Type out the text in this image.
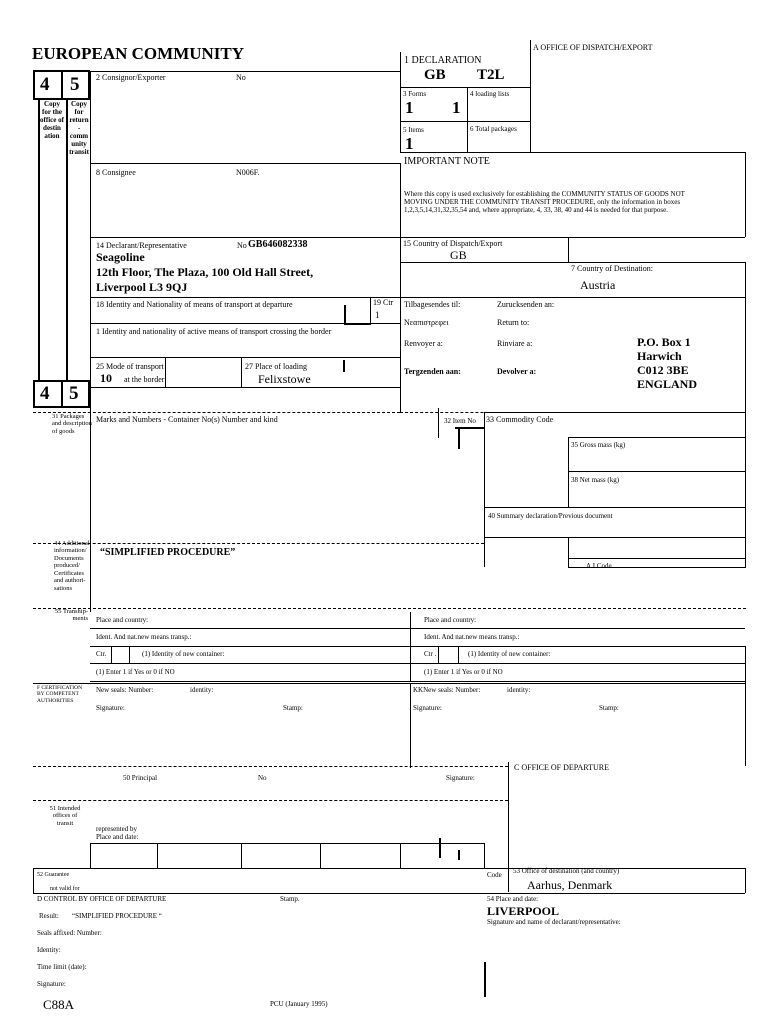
EUROPEAN COMMUNITY	A OFFICE OF DISPATCH/EXPORT
1 DECLARATION
GB T2L
4 5
Copy for the office of destin ation
Copy for return - comm unity transit
4 5
2 Consignor/Exporter	No
3 Forms
1
4 loading lists
1
5 Items
1
6 Total packages
8 Consignee	N006F.
IMPORTANT NOTE
Where this copy is used exclusively for establishing the COMMUNITY STATUS OF GOODS NOT MOVING UNDER THE COMMUNITY TRANSIT PROCEDURE, only the information in boxes 1,2,3,5,14,31,32,35,54 and, where appropriate, 4, 33, 38, 40 and 44 is needed for that purpose.
14 Declarant/Representative	No GB646082338
Seagoline
12th Floor, The Plaza, 100 Old Hall Street,
Liverpool L3 9QJ
15 Country of Dispatch/Export
GB
7 Country of Destination:
Austria
18 Identity and Nationality of means of transport at departure	19 Ctr
1
1 Identity and nationality of active means of transport crossing the border
25 Mode of transport
10 at the border
27 Place of loading
Felixstowe
Tilbagesendes til:	Zurucksenden an:
Νεαπιστρεφει	Return to:
Renvoyer a:	Rinviare a:
Tergzenden aan:	Devolver a:
P.O. Box 1
Harwich
C012 3BE
ENGLAND
31 Packages and description of goods
Marks and Numbers - Container No(s) Number and kind	32 Item No 33 Commodity Code
35 Gross mass (kg)
38 Net mass (kg)
40 Summary declaration/Previous document
44 Additional information/ Documents produced/ Certificates and authori- sations
“SIMPLIFIED PROCEDURE”
A.I.Code
55 Tranship- ments Place and country:
Ident. And nat.new means transp.:
Ctr.	(1) Identity of new container:
(1) Enter 1 if Yes or 0 if NO
Place and country:
Ident. And nat.new means transp.:
Ctr .	(1) Identity of new container:
(1) Enter 1 if Yes or 0 if NO
F CERTIFICATION BY COMPETENT AUTHORITIES
New seals: Number:	identity:
Signature:	Stamp:
KKNew seals: Number:	identity:
Signature:	Stamp:
C OFFICE OF DEPARTURE
50 Principal	No	Signature:
51 Intended offices of transit
represented by
Place and date:
52 Guarantee
not valid for
Code 53 Office of destination (and country)
Aarhus, Denmark
D CONTROL BY OFFICE OF DEPARTURE	Stamp.
Result: “SIMPLIFIED PROCEDURE “
Seals affixed: Number:
Identity:
Time limit (date):
Signature:
54 Place and date:
LIVERPOOL
Signature and name of declarant/representative:
C88A	PCU (January 1995)
